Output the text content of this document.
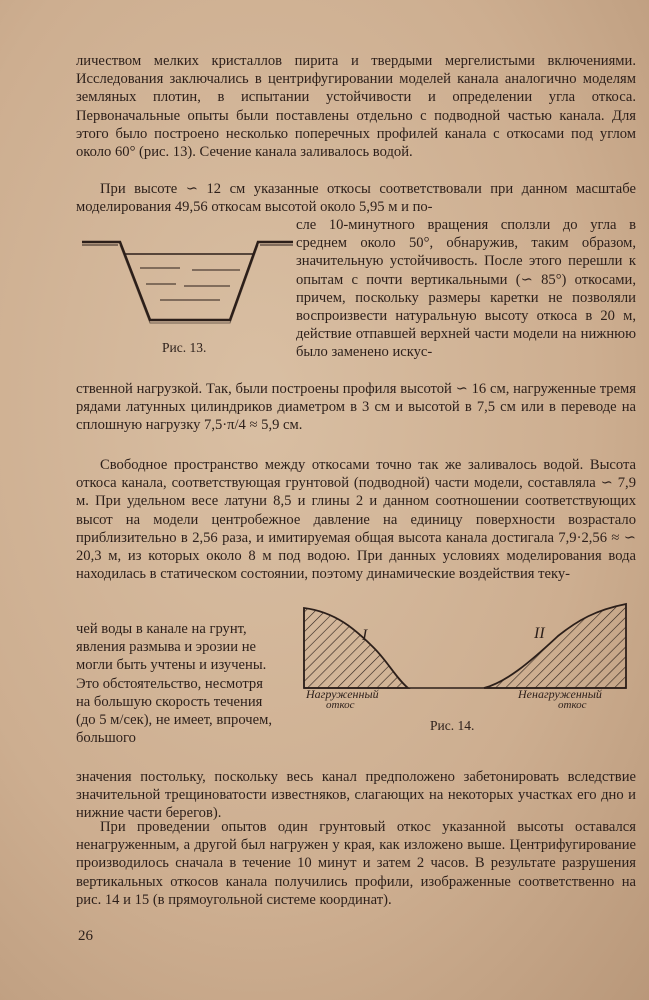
личеством мелких кристаллов пирита и твердыми мергелистыми включениями. Исследования заключались в центрифугировании моделей канала аналогично моделям земляных плотин, в испытании устойчивости и определении угла откоса. Первоначальные опыты были поставлены отдельно с подводной частью канала. Для этого было построено несколько поперечных профилей канала с откосами под углом около 60° (рис. 13). Сечение канала заливалось водой.

При высоте ∽ 12 см указанные откосы соответствовали при данном масштабе моделирования 49,56 откосам высотой около 5,95 м и по-

сле 10-минутного вращения сползли до угла в среднем около 50°, обнаружив, таким образом, значительную устойчивость. После этого перешли к опытам с почти вертикальными (∽ 85°) откосами, причем, поскольку размеры каретки не позволяли воспроизвести натуральную высоту откоса в 20 м, действие отпавшей верхней части модели на нижнюю было заменено искус-

ственной нагрузкой. Так, были построены профиля высотой ∽ 16 см, нагруженные тремя рядами латунных цилиндриков диаметром в 3 см и высотой в 7,5 см или в переводе на сплошную нагрузку 7,5·π/4 ≈ 5,9 см.

Свободное пространство между откосами точно так же заливалось водой. Высота откоса канала, соответствующая грунтовой (подводной) части модели, составляла ∽ 7,9 м. При удельном весе латуни 8,5 и глины 2 и данном соотношении соответствующих высот на модели центробежное давление на единицу поверхности возрастало приблизительно в 2,56 раза, и имитируемая общая высота канала достигала 7,9·2,56 ≈ ∽ 20,3 м, из которых около 8 м под водою. При данных условиях моделирования вода находилась в статическом состоянии, поэтому динамические воздействия теку-

чей воды в канале на грунт, явления размыва и эрозии не могли быть учтены и изучены. Это обстоятельство, несмотря на большую скорость течения (до 5 м/сек), не имеет, впрочем, большого

значения постольку, поскольку весь канал предположено забетонировать вследствие значительной трещиноватости известняков, слагающих на некоторых участках его дно и нижние части берегов).

При проведении опытов один грунтовый откос указанной высоты оставался ненагруженным, а другой был нагружен у края, как изложено выше. Центрифугирование производилось сначала в течение 10 минут и затем 2 часов. В результате разрушения вертикальных откосов канала получились профили, изображенные соответственно на рис. 14 и 15 (в прямоугольной системе координат).

Рис. 13.
I	II
Нагруженный
откос
Ненагруженный
откос
Рис. 14.
26
